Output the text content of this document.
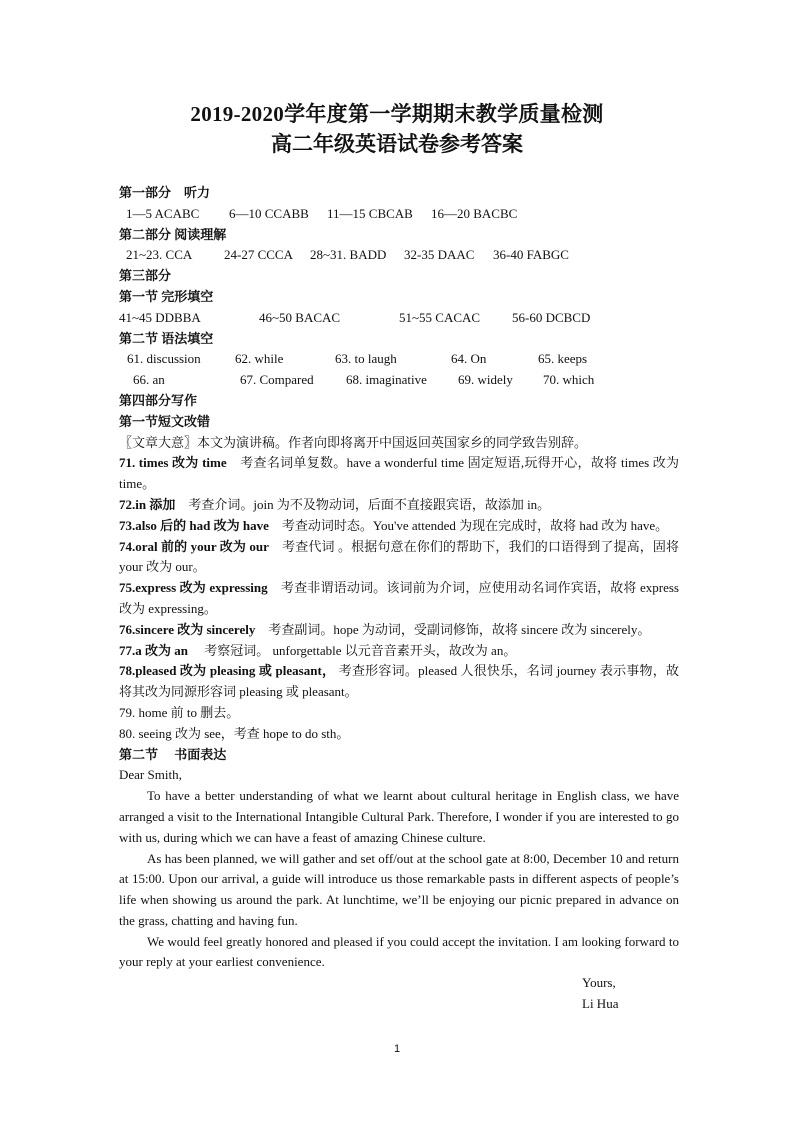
2019-2020学年度第一学期期末教学质量检测
高二年级英语试卷参考答案
第一部分　听力
1—5 ACABC 6—10 CCABB 11—15 CBCAB 16—20 BACBC
第二部分 阅读理解
21~23. CCA 24-27 CCCA 28~31. BADD 32-35 DAAC 36-40 FABGC
第三部分
第一节 完形填空
41~45 DDBBA	46~50 BACAC	51~55 CACAC 56-60 DCBCD
第二节 语法填空
61. discussion	62. while	63. to laugh	64. On	65. keeps
66. an	67. Compared 68. imaginative 69. widely 70. which
第四部分写作
第一节短文改错
〖文章大意〗本文为演讲稿。作者向即将离开中国返回英国家乡的同学致告别辞。
71. times 改为 time　考查名词单复数。have a wonderful time 固定短语,玩得开心，故将 times 改为 time。
72.in 添加　考查介词。join 为不及物动词，后面不直接跟宾语，故添加 in。
73.also 后的 had 改为 have　考查动词时态。You've attended 为现在完成时，故将 had 改为 have。
74.oral 前的 your 改为 our　考查代词 。根据句意在你们的帮助下，我们的口语得到了提高，固将 your 改为 our。
75.express 改为 expressing　考查非谓语动词。该词前为介词，应使用动名词作宾语，故将 express 改为 expressing。
76.sincere 改为 sincerely　考查副词。hope 为动词，受副词修饰，故将 sincere 改为 sincerely。
77.a 改为 an　 考察冠词。 unforgettable 以元音音素开头，故改为 an。
78.pleased 改为 pleasing 或 pleasant， 考查形容词。pleased 人很快乐，名词 journey 表示事物，故将其改为同源形容词 pleasing 或 pleasant。
79. home 前 to 删去。
80. seeing 改为 see，考查 hope to do sth。
第二节　 书面表达
Dear Smith,
To have a better understanding of what we learnt about cultural heritage in English class, we have arranged a visit to the International Intangible Cultural Park. Therefore, I wonder if you are interested to go with us, during which we can have a feast of amazing Chinese culture.
As has been planned, we will gather and set off/out at the school gate at 8:00, December 10 and return at 15:00. Upon our arrival, a guide will introduce us those remarkable pasts in different aspects of people’s life when showing us around the park. At lunchtime, we’ll be enjoying our picnic prepared in advance on the grass, chatting and having fun.
We would feel greatly honored and pleased if you could accept the invitation. I am looking forward to your reply at your earliest convenience.
Yours,
Li Hua
1
